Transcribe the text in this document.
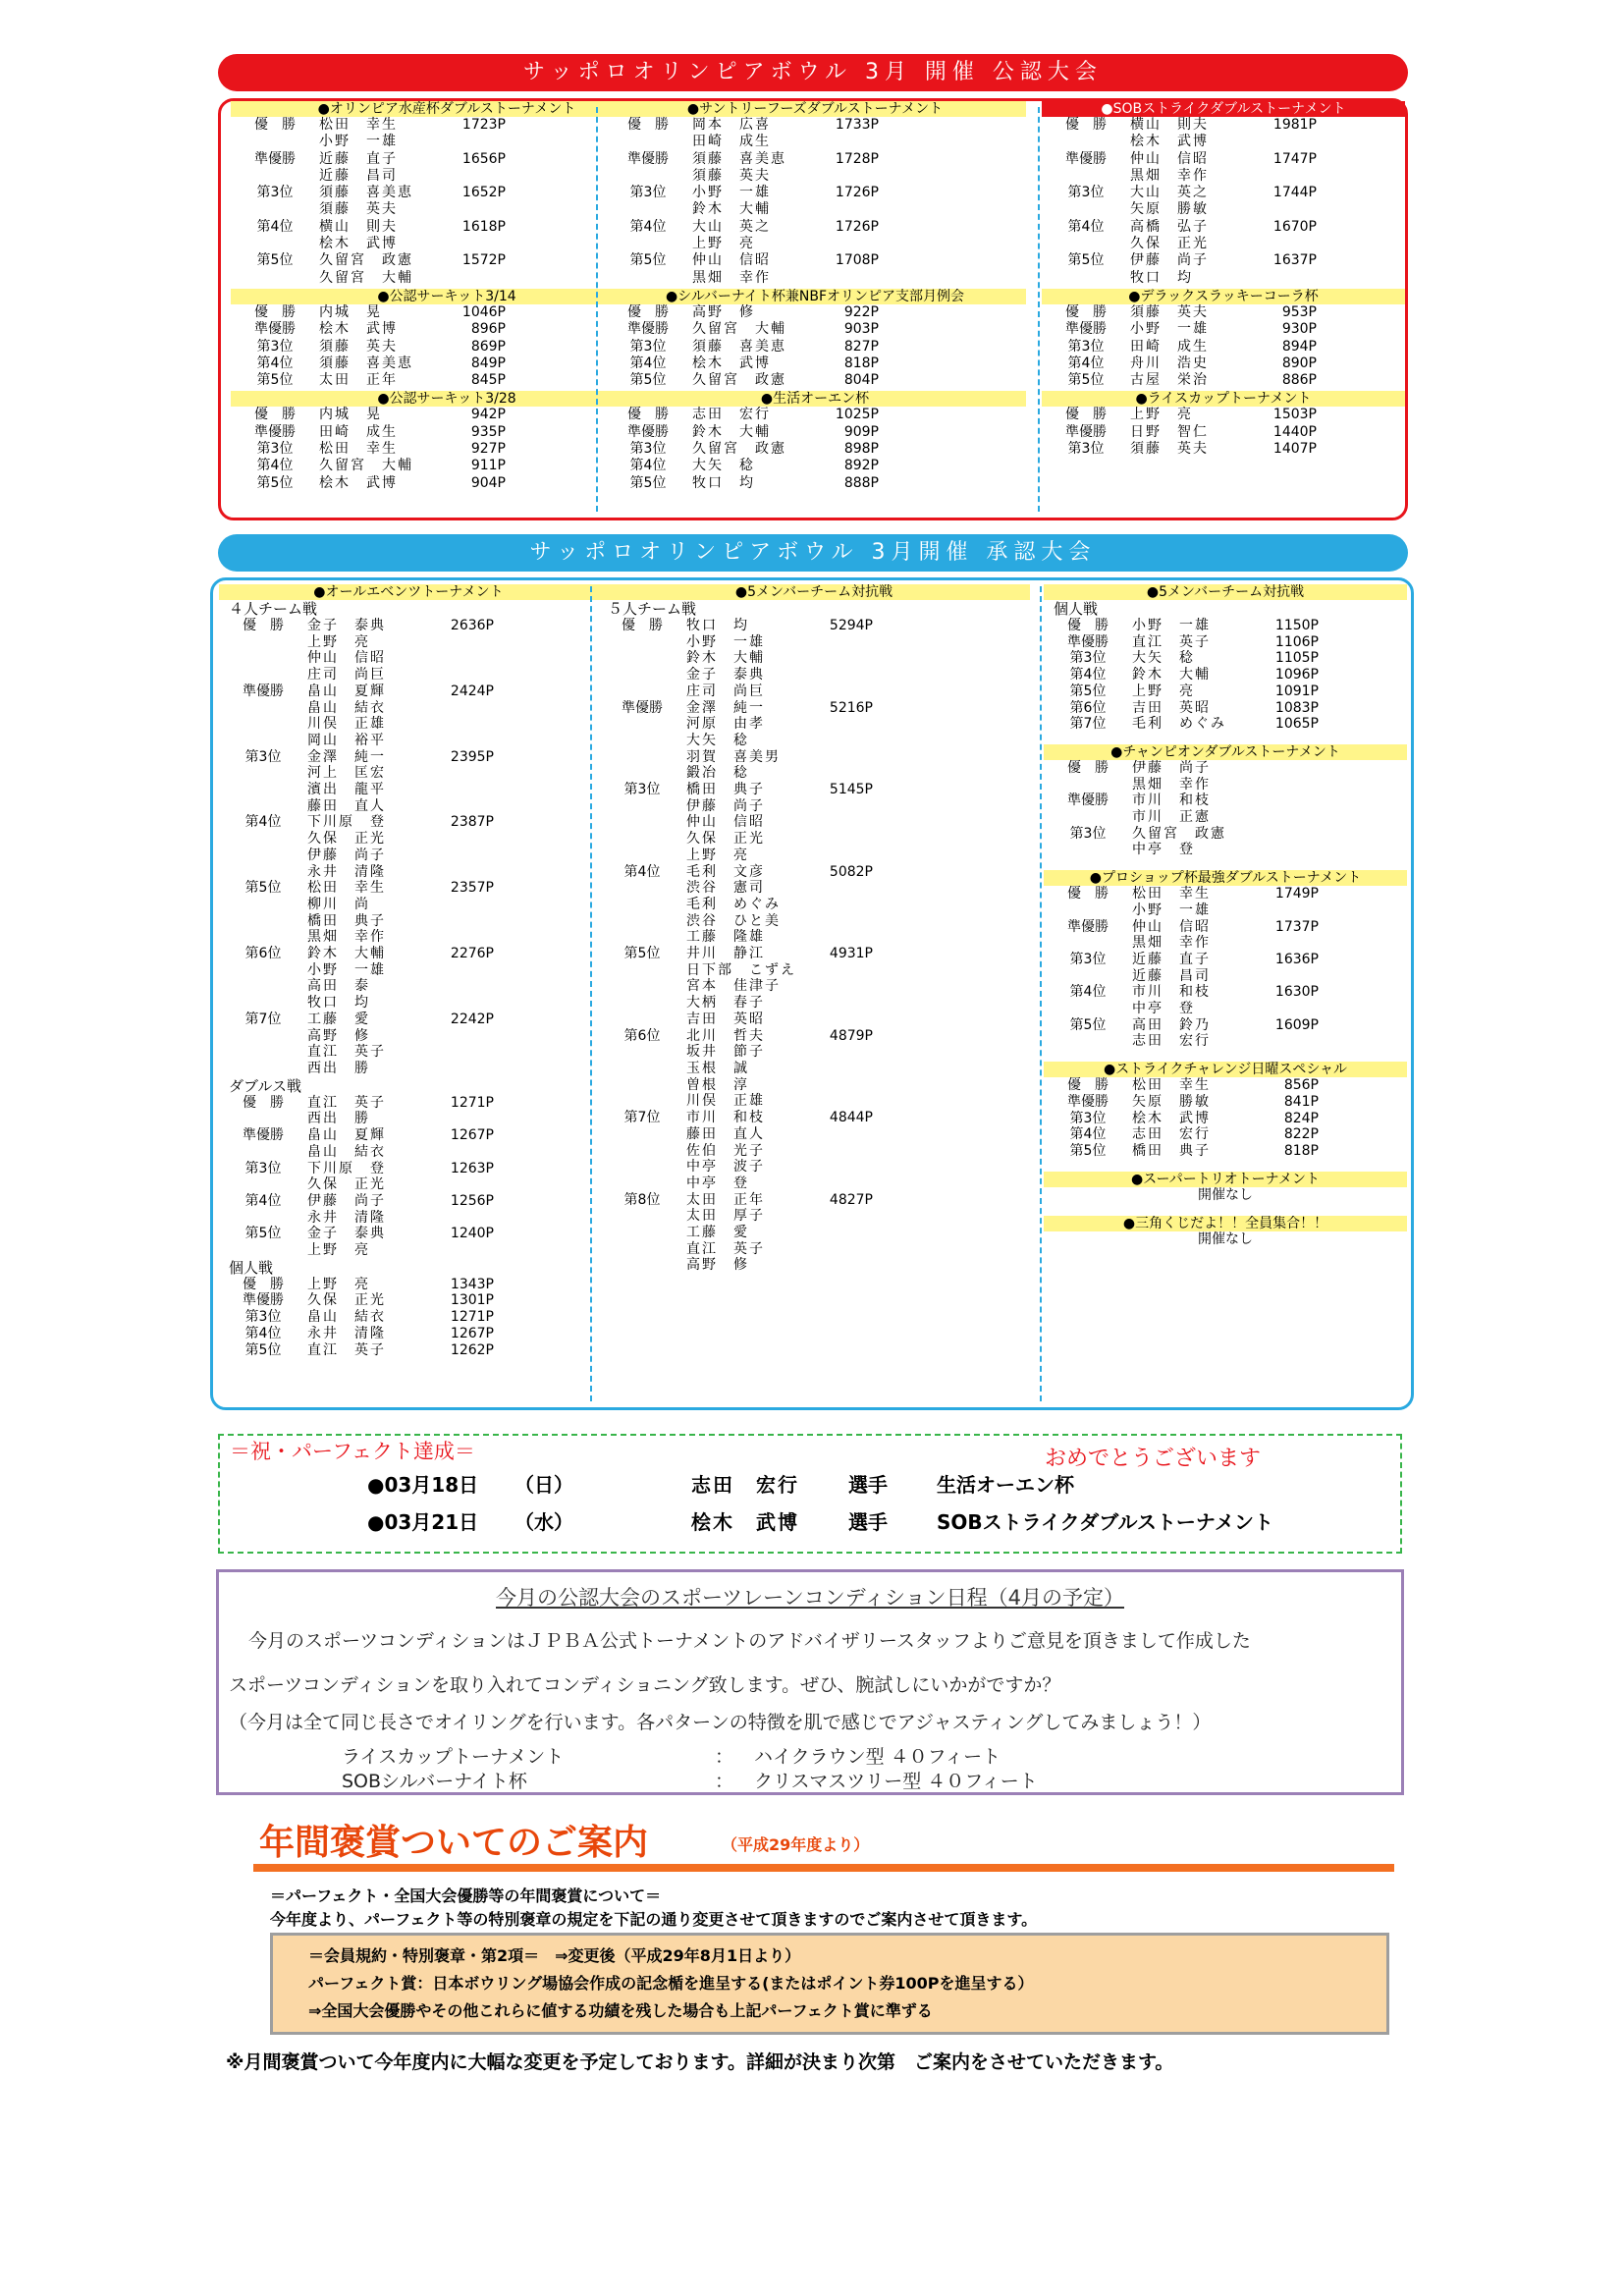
サッポロオリンピアボウル 3月 開催 公認大会
●オリンピア水産杯ダブルストーナメント
優　勝	松田　幸生	1723P
小野　一雄
準優勝	近藤　直子	1656P
近藤　昌司
第3位	須藤　喜美恵	1652P
須藤　英夫
第4位	横山　則夫	1618P
桧木　武博
第5位	久留宮　政憲	1572P
久留宮　大輔
●公認サーキット3/14
優　勝	内城　晃	1046P
準優勝	桧木　武博	896P
第3位	須藤　英夫	869P
第4位	須藤　喜美恵	849P
第5位	太田　正年	845P
●公認サーキット3/28
優　勝	内城　晃	942P
準優勝	田崎　成生	935P
第3位	松田　幸生	927P
第4位	久留宮　大輔	911P
第5位	桧木　武博	904P
●サントリーフーズダブルストーナメント
優　勝	岡本　広喜	1733P
田崎　成生
準優勝	須藤　喜美恵	1728P
須藤　英夫
第3位	小野　一雄	1726P
鈴木　大輔
第4位	大山　英之	1726P
上野　亮
第5位	仲山　信昭	1708P
黒畑　幸作
●シルバーナイト杯兼NBFオリンピア支部月例会
優　勝	高野　修	922P
準優勝	久留宮　大輔	903P
第3位	須藤　喜美恵	827P
第4位	桧木　武博	818P
第5位	久留宮　政憲	804P
●生活オーエン杯
優　勝	志田　宏行	1025P
準優勝	鈴木　大輔	909P
第3位	久留宮　政憲	898P
第4位	大矢　稔	892P
第5位	牧口　均	888P
●SOBストライクダブルストーナメント
優　勝	横山　則夫	1981P
桧木　武博
準優勝	仲山　信昭	1747P
黒畑　幸作
第3位	大山　英之	1744P
矢原　勝敏
第4位	高橋　弘子	1670P
久保　正光
第5位	伊藤　尚子	1637P
牧口　均
●デラックスラッキーコーラ杯
優　勝	須藤　英夫	953P
準優勝	小野　一雄	930P
第3位	田崎　成生	894P
第4位	舟川　浩史	890P
第5位	古屋　栄治	886P
●ライスカップトーナメント
優　勝	上野　亮	1503P
準優勝	日野　智仁	1440P
第3位	須藤　英夫	1407P
サッポロオリンピアボウル 3月開催 承認大会
●オールエベンツトーナメント
４人チーム戦
優　勝	金子　泰典	2636P
上野　亮
仲山　信昭
庄司　尚巨
準優勝	畠山　夏輝	2424P
畠山　結衣
川俣　正雄
岡山　裕平
第3位	金澤　純一	2395P
河上　匡宏
濱出　龍平
藤田　直人
第4位	下川原　登	2387P
久保　正光
伊藤　尚子
永井　清隆
第5位	松田　幸生	2357P
柳川　尚
橋田　典子
黒畑　幸作
第6位	鈴木　大輔	2276P
小野　一雄
高田　泰
牧口　均
第7位	工藤　愛	2242P
高野　修
直江　英子
西出　勝
ダブルス戦
優　勝	直江　英子	1271P
西出　勝
準優勝	畠山　夏輝	1267P
畠山　結衣
第3位	下川原　登	1263P
久保　正光
第4位	伊藤　尚子	1256P
永井　清隆
第5位	金子　泰典	1240P
上野　亮
個人戦
優　勝	上野　亮	1343P
準優勝	久保　正光	1301P
第3位	畠山　結衣	1271P
第4位	永井　清隆	1267P
第5位	直江　英子	1262P
●5メンバーチーム対抗戦
５人チーム戦
優　勝	牧口　均	5294P
小野　一雄
鈴木　大輔
金子　泰典
庄司　尚巨
準優勝	金澤　純一	5216P
河原　由孝
大矢　稔
羽賀　喜美男
鍛冶　稔
第3位	橋田　典子	5145P
伊藤　尚子
仲山　信昭
久保　正光
上野　亮
第4位	毛利　文彦	5082P
渋谷　憲司
毛利　めぐみ
渋谷　ひと美
工藤　隆雄
第5位	井川　静江	4931P
日下部　こずえ
宮本　佳津子
大柄　春子
吉田　英昭
第6位	北川　哲夫	4879P
坂井　節子
玉根　誠
曽根　淳
川俣　正雄
第7位	市川　和枝	4844P
藤田　直人
佐伯　光子
中亭　波子
中亭　登
第8位	太田　正年	4827P
太田　厚子
工藤　愛
直江　英子
高野　修
●5メンバーチーム対抗戦
個人戦
優　勝	小野　一雄	1150P
準優勝	直江　英子	1106P
第3位	大矢　稔	1105P
第4位	鈴木　大輔	1096P
第5位	上野　亮	1091P
第6位	吉田　英昭	1083P
第7位	毛利　めぐみ	1065P
●チャンピオンダブルストーナメント
優　勝	伊藤　尚子
黒畑　幸作
準優勝	市川　和枝
市川　正憲
第3位	久留宮　政憲
中亭　登
●プロショップ杯最強ダブルストーナメント
優　勝	松田　幸生	1749P
小野　一雄
準優勝	仲山　信昭	1737P
黒畑　幸作
第3位	近藤　直子	1636P
近藤　昌司
第4位	市川　和枝	1630P
中亭　登
第5位	高田　鈴乃	1609P
志田　宏行
●ストライクチャレンジ日曜スペシャル
優　勝	松田　幸生	856P
準優勝	矢原　勝敏	841P
第3位	桧木　武博	824P
第4位	志田　宏行	822P
第5位	橋田　典子	818P
●スーパートリオトーナメント
開催なし
●三角くじだよ！！全員集合！！
開催なし
＝祝・パーフェクト達成＝	おめでとうございます
●03月18日 （日）	志田　宏行	選手	生活オーエン杯
●03月21日 （水）	桧木　武博	選手	SOBストライクダブルストーナメント
今月の公認大会のスポーツレーンコンディション日程（4月の予定）
今月のスポーツコンディションはＪＰＢＡ公式トーナメントのアドバイザリースタッフよりご意見を頂きまして作成した
スポーツコンディションを取り入れてコンディショニング致します。ぜひ、腕試しにいかがですか？
（今月は全て同じ長さでオイリングを行います。各パターンの特徴を肌で感じでアジャスティングしてみましょう！）
ライスカップトーナメント	： ハイクラウン型 ４０フィート
SOBシルバーナイト杯	： クリスマスツリー型 ４０フィート
年間褒賞ついてのご案内	（平成29年度より）
＝パーフェクト・全国大会優勝等の年間褒賞について＝
今年度より、パーフェクト等の特別褒章の規定を下記の通り変更させて頂きますのでご案内させて頂きます。
＝会員規約・特別褒章・第2項＝　⇒変更後（平成29年8月1日より）
パーフェクト賞：日本ボウリング場協会作成の記念楯を進呈する(またはポイント券100Pを進呈する）
⇒全国大会優勝やその他これらに値する功績を残した場合も上記パーフェクト賞に準ずる
※月間褒賞ついて今年度内に大幅な変更を予定しております。詳細が決まり次第　ご案内をさせていただきます。
